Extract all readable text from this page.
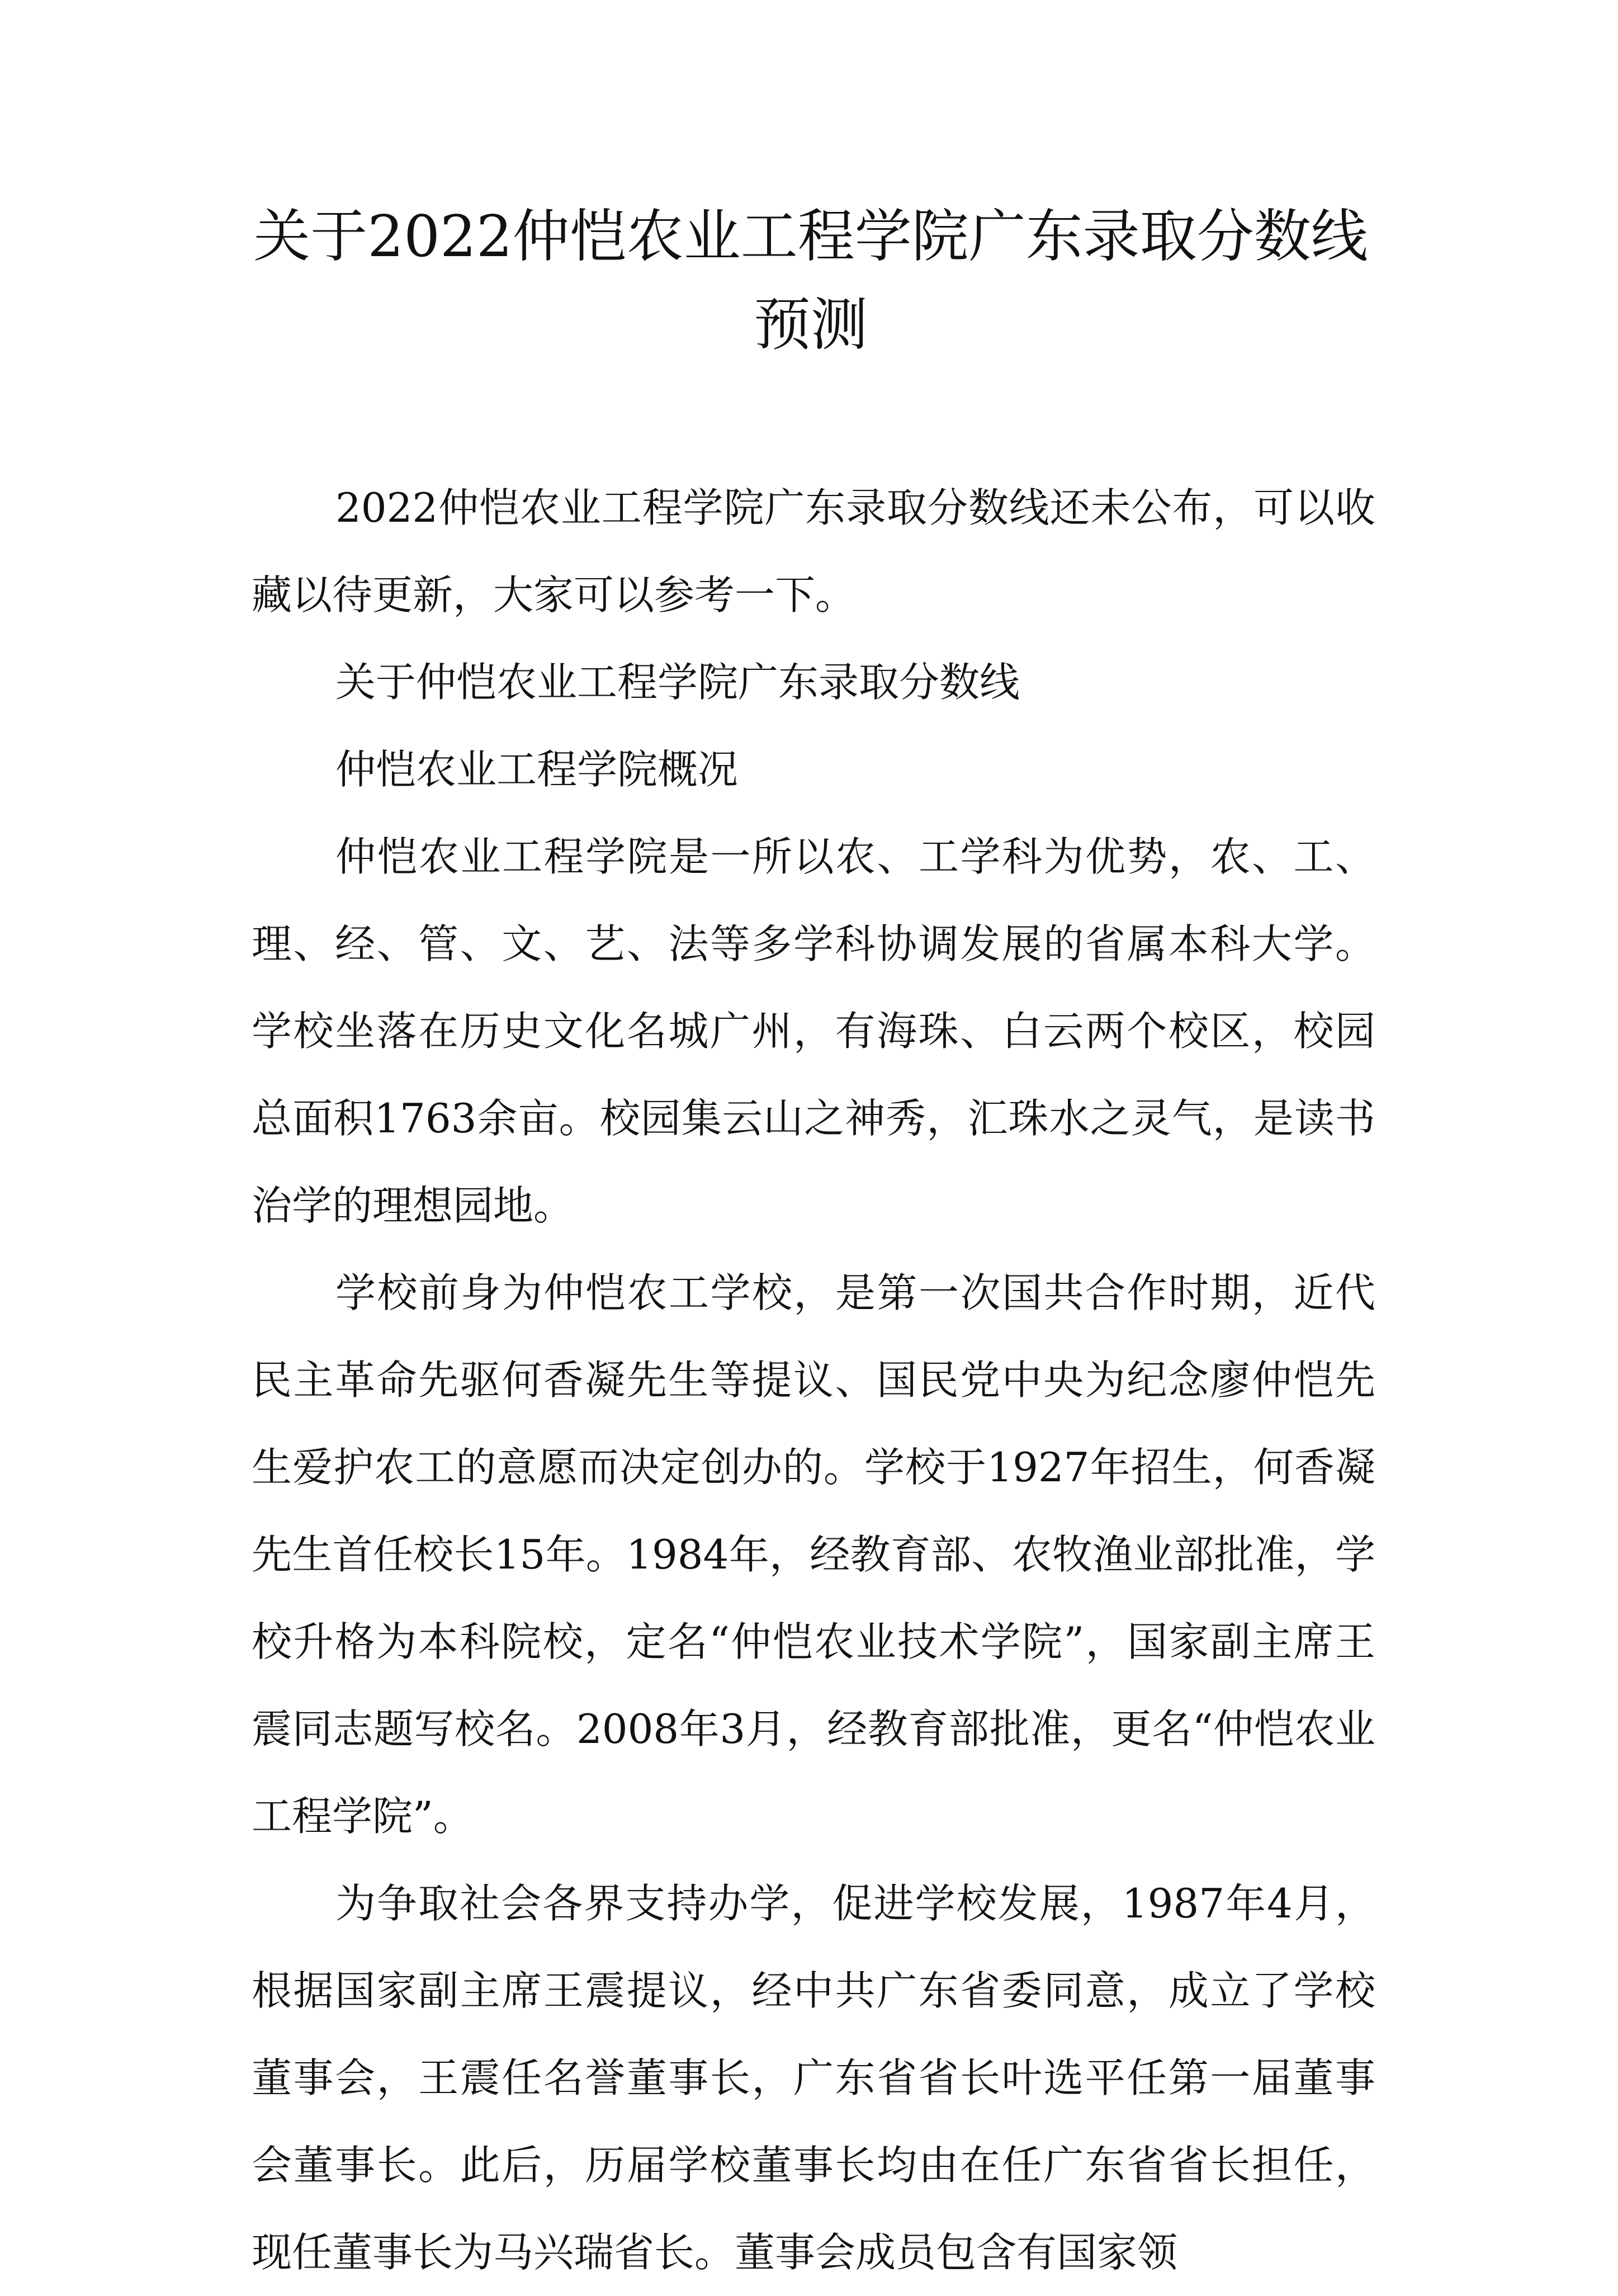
关于2022仲恺农业工程学院广东录取分数线预测

2022仲恺农业工程学院广东录取分数线还未公布，可以收藏以待更新，大家可以参考一下。

关于仲恺农业工程学院广东录取分数线

仲恺农业工程学院概况

仲恺农业工程学院是一所以农、工学科为优势，农、工、理、经、管、文、艺、法等多学科协调发展的省属本科大学。学校坐落在历史文化名城广州，有海珠、白云两个校区，校园总面积1763余亩。校园集云山之神秀，汇珠水之灵气，是读书治学的理想园地。

学校前身为仲恺农工学校，是第一次国共合作时期，近代民主革命先驱何香凝先生等提议、国民党中央为纪念廖仲恺先生爱护农工的意愿而决定创办的。学校于1927年招生，何香凝先生首任校长15年。1984年，经教育部、农牧渔业部批准，学校升格为本科院校，定名“仲恺农业技术学院”，国家副主席王震同志题写校名。2008年3月，经教育部批准，更名“仲恺农业工程学院”。

为争取社会各界支持办学，促进学校发展，1987年4月，根据国家副主席王震提议，经中共广东省委同意，成立了学校董事会，王震任名誉董事长，广东省省长叶选平任第一届董事会董事长。此后，历届学校董事长均由在任广东省省长担任，现任董事长为马兴瑞省长。董事会成员包含有国家领
